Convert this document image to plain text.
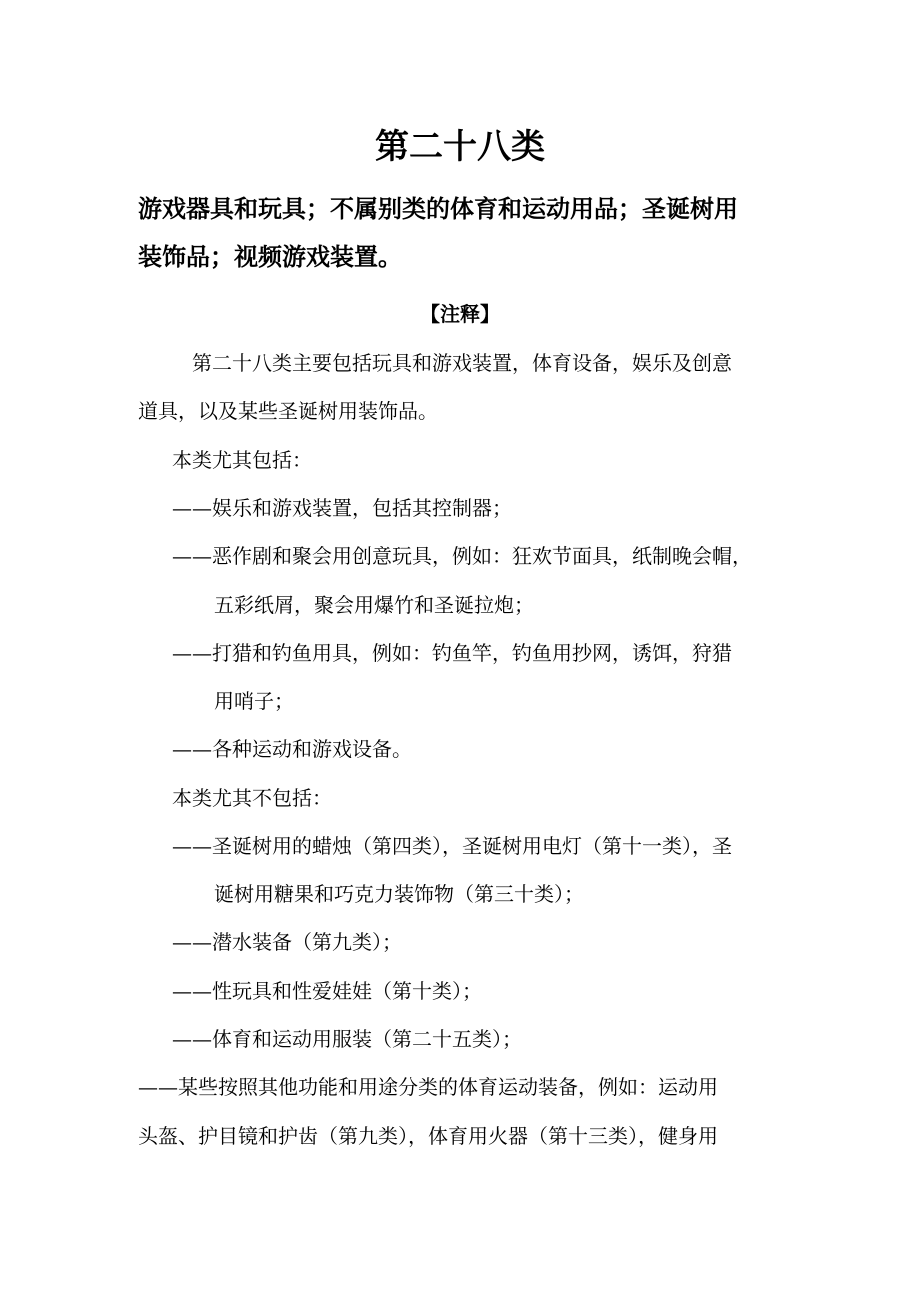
第二十八类
游戏器具和玩具；不属别类的体育和运动用品；圣诞树用
装饰品；视频游戏装置。
【注释】
第二十八类主要包括玩具和游戏装置，体育设备，娱乐及创意
道具，以及某些圣诞树用装饰品。
本类尤其包括：
——娱乐和游戏装置，包括其控制器；
——恶作剧和聚会用创意玩具，例如：狂欢节面具，纸制晚会帽，
五彩纸屑，聚会用爆竹和圣诞拉炮；
——打猎和钓鱼用具，例如：钓鱼竿，钓鱼用抄网，诱饵，狩猎
用哨子；
——各种运动和游戏设备。
本类尤其不包括：
——圣诞树用的蜡烛（第四类），圣诞树用电灯（第十一类），圣
诞树用糖果和巧克力装饰物（第三十类）；
——潜水装备（第九类）；
——性玩具和性爱娃娃（第十类）；
——体育和运动用服装（第二十五类）；
——某些按照其他功能和用途分类的体育运动装备，例如：运动用
头盔、护目镜和护齿（第九类），体育用火器（第十三类），健身用
